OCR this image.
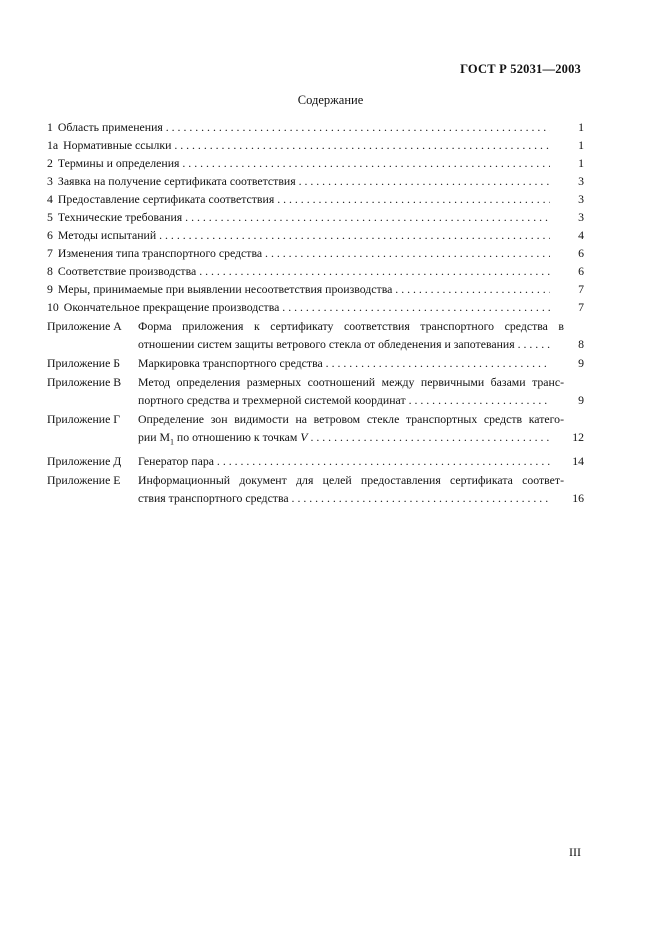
ГОСТ Р 52031—2003
Содержание
1 Область применения . . .	1
1a Нормативные ссылки . . .	1
2 Термины и определения . . .	1
3 Заявка на получение сертификата соответствия . . .	3
4 Предоставление сертификата соответствия . . .	3
5 Технические требования . . .	3
6 Методы испытаний . . .	4
7 Изменения типа транспортного средства . . .	6
8 Соответствие производства . . .	6
9 Меры, принимаемые при выявлении несоответствия производства . . .	7
10 Окончательное прекращение производства . . .	7
Приложение А	Форма приложения к сертификату соответствия транспортного средства в
отношении систем защиты ветрового стекла от обледенения и запотевания . . .	8
Приложение Б	Маркировка транспортного средства . . .	9
Приложение В	Метод определения размерных соотношений между первичными базами транс-
портного средства и трехмерной системой координат . . .	9
Приложение Г	Определение зон видимости на ветровом стекле транспортных средств катего-
рии $М_1$ по отношению к точкам V . . .	12
Приложение Д	Генератор пара . . .	14
Приложение Е	Информационный документ для целей предоставления сертификата соответ-
ствия транспортного средства . . .	16
III
